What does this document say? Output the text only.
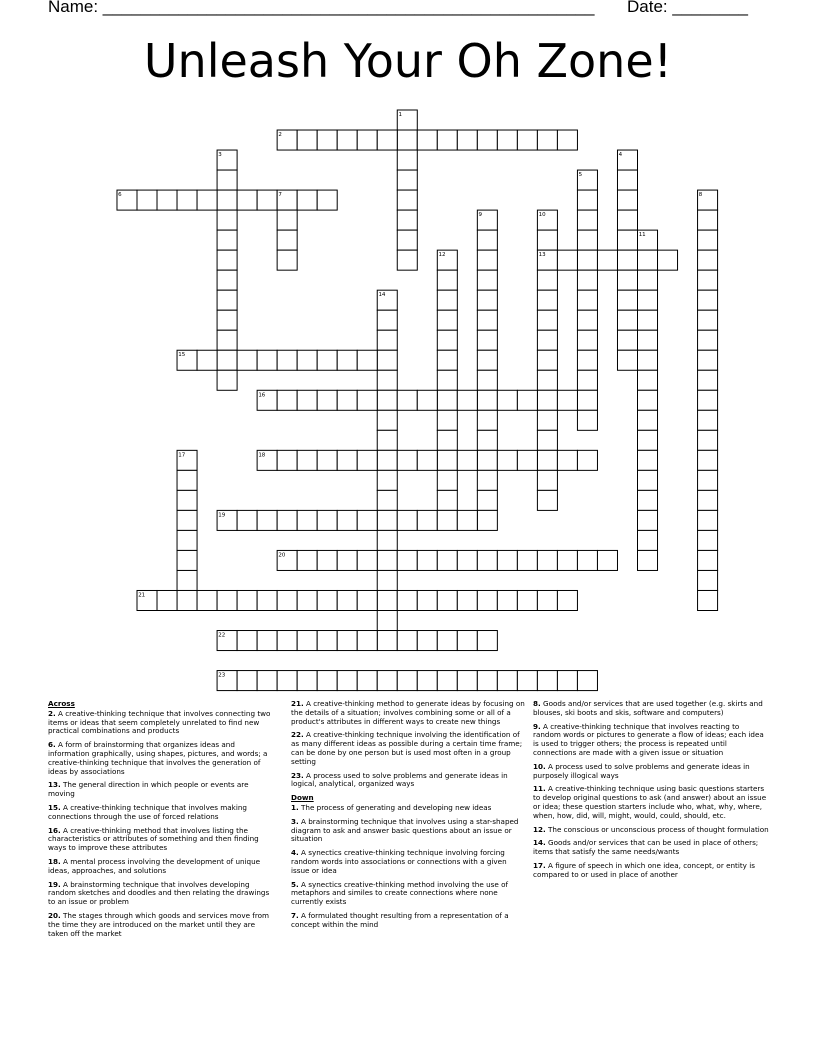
Name: ____________________________________________________ Date: ________
Unleash Your Oh Zone!
1
2
3	4
5
6	7	8
9	10
11
12	13
14
15
16
17	18
19
20
21
22
23
Across
2. A creative-thinking technique that involves connecting two items or ideas that seem completely unrelated to find new practical combinations and products
6. A form of brainstorming that organizes ideas and information graphically, using shapes, pictures, and words; a creative-thinking technique that involves the generation of ideas by associations
13. The general direction in which people or events are moving
15. A creative-thinking technique that involves making connections through the use of forced relations
16. A creative-thinking method that involves listing the characteristics or attributes of something and then finding ways to improve these attributes
18. A mental process involving the development of unique ideas, approaches, and solutions
19. A brainstorming technique that involves developing random sketches and doodles and then relating the drawings to an issue or problem
20. The stages through which goods and services move from the time they are introduced on the market until they are taken off the market
21. A creative-thinking method to generate ideas by focusing on the details of a situation; involves combining some or all of a product's attributes in different ways to create new things
22. A creative-thinking technique involving the identification of as many different ideas as possible during a certain time frame; can be done by one person but is used most often in a group setting
23. A process used to solve problems and generate ideas in logical, analytical, organized ways
Down
1. The process of generating and developing new ideas
3. A brainstorming technique that involves using a star-shaped diagram to ask and answer basic questions about an issue or situation
4. A synectics creative-thinking technique involving forcing random words into associations or connections with a given issue or idea
5. A synectics creative-thinking method involving the use of metaphors and similes to create connections where none currently exists
7. A formulated thought resulting from a representation of a concept within the mind
8. Goods and/or services that are used together (e.g. skirts and blouses, ski boots and skis, software and computers)
9. A creative-thinking technique that involves reacting to random words or pictures to generate a flow of ideas; each idea is used to trigger others; the process is repeated until connections are made with a given issue or situation
10. A process used to solve problems and generate ideas in purposely illogical ways
11. A creative-thinking technique using basic questions starters to develop original questions to ask (and answer) about an issue or idea; these question starters include who, what, why, where, when, how, did, will, might, would, could, should, etc.
12. The conscious or unconscious process of thought formulation
14. Goods and/or services that can be used in place of others; items that satisfy the same needs/wants
17. A figure of speech in which one idea, concept, or entity is compared to or used in place of another
